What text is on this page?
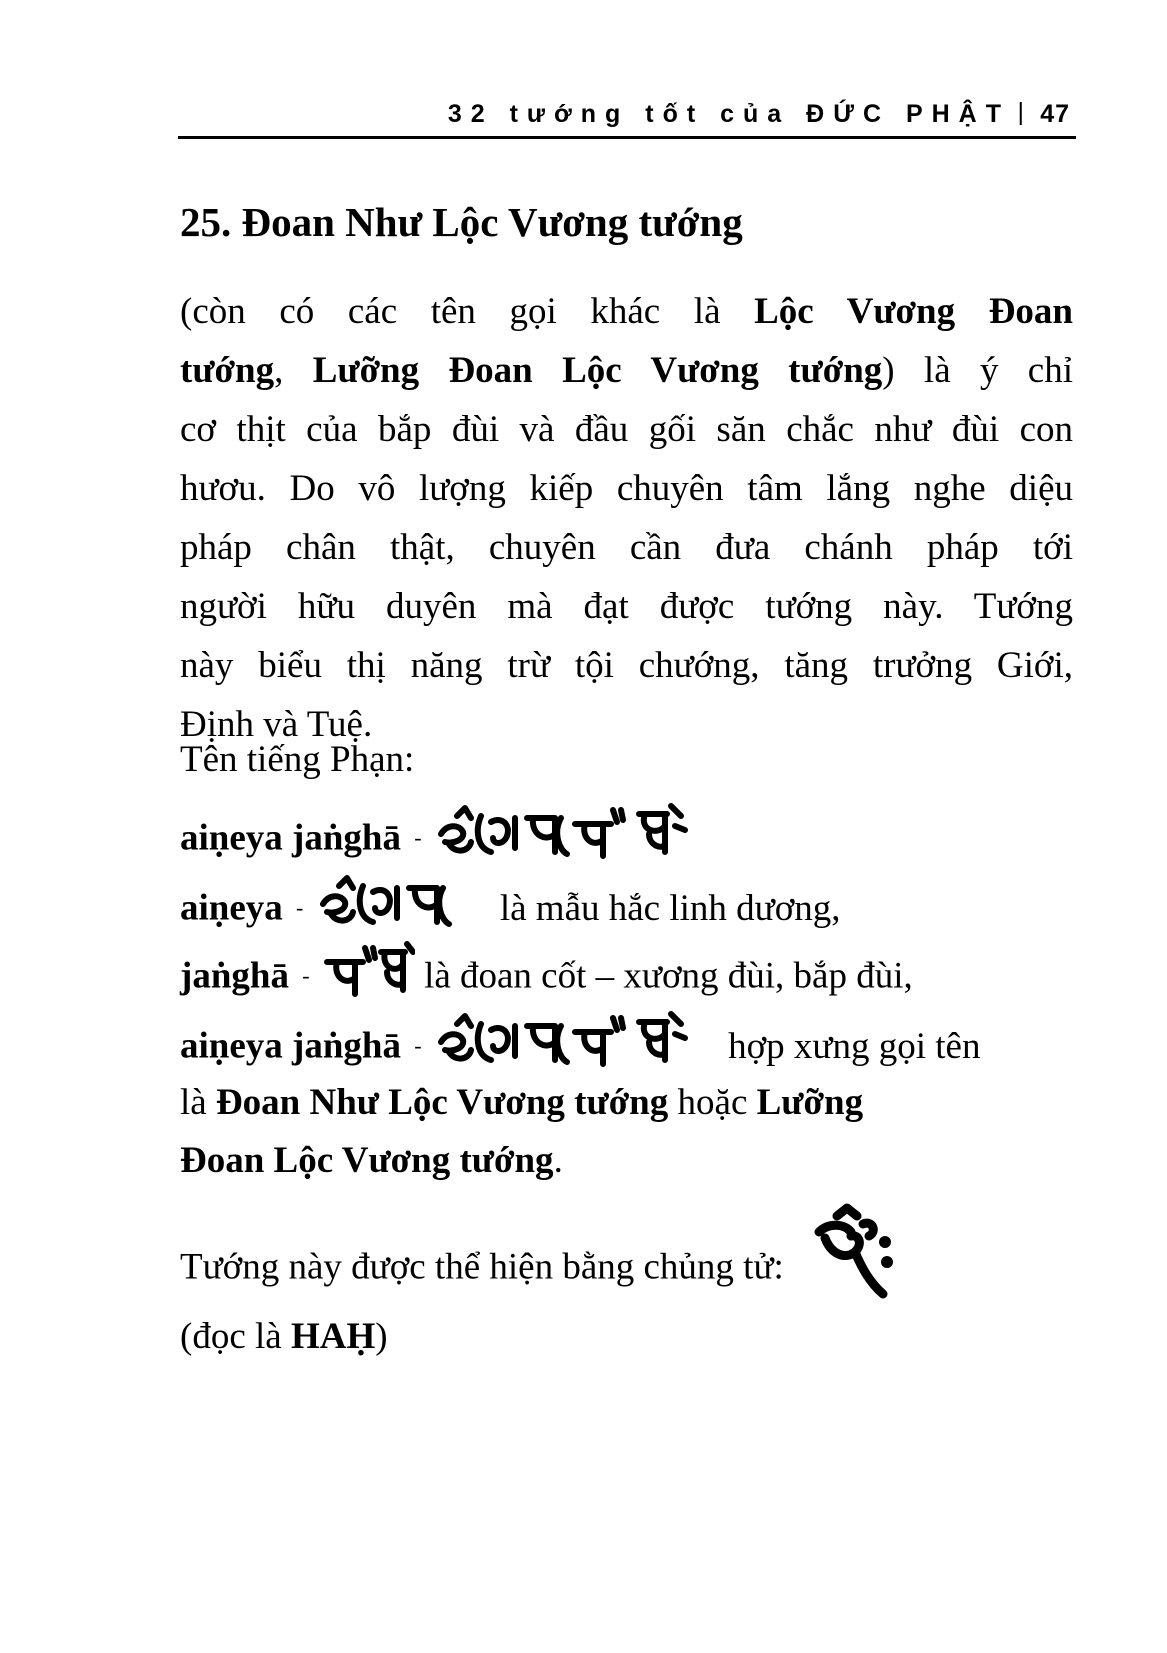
32 tướng tốt của ĐỨC PHẬT | 47
25. Đoan Như Lộc Vương tướng
(còn có các tên gọi khác là Lộc Vương Đoan
tướng, Lưỡng Đoan Lộc Vương tướng) là ý chỉ
cơ thịt của bắp đùi và đầu gối săn chắc như đùi con
hươu. Do vô lượng kiếp chuyên tâm lắng nghe diệu
pháp chân thật, chuyên cần đưa chánh pháp tới
người hữu duyên mà đạt được tướng này. Tướng
này biểu thị năng trừ tội chướng, tăng trưởng Giới,
Định và Tuệ.
Tên tiếng Phạn:
aiṇeya jaṅghā -
aiṇeya -	là mẫu hắc linh dương,
jaṅghā -	là đoan cốt – xương đùi, bắp đùi,
aiṇeya jaṅghā -	hợp xưng gọi tên
là Đoan Như Lộc Vương tướng hoặc Lưỡng
Đoan Lộc Vương tướng.
Tướng này được thể hiện bằng chủng tử:
(đọc là HAḤ)
